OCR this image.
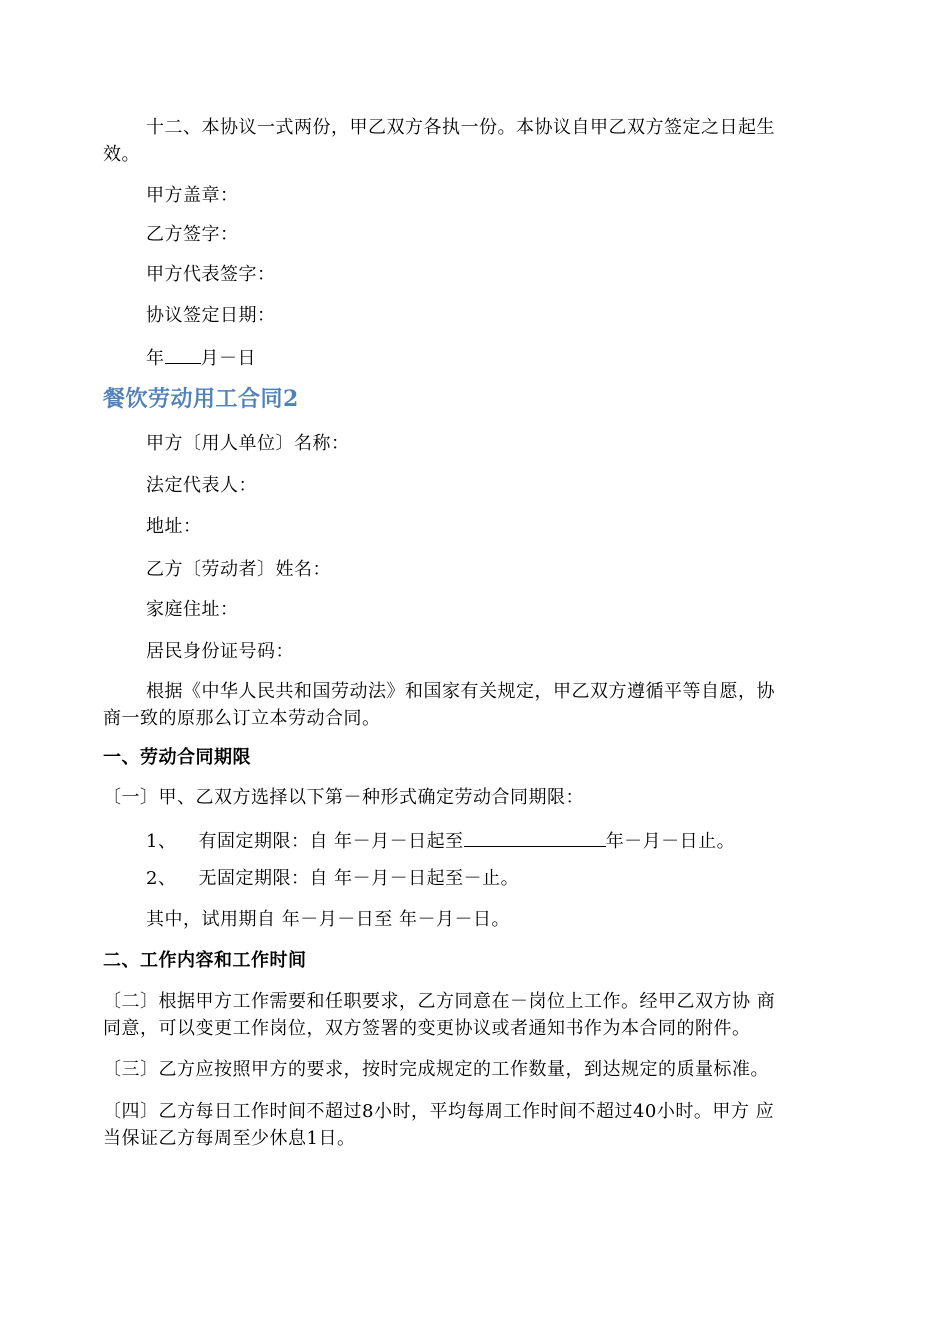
十二、本协议一式两份，甲乙双方各执一份。本协议自甲乙双方签定之日起生
效。
甲方盖章：
乙方签字：
甲方代表签字：
协议签定日期：
年 月－日
餐饮劳动用工合同2
甲方〔用人单位〕名称：
法定代表人：
地址：
乙方〔劳动者〕姓名：
家庭住址：
居民身份证号码：
根据《中华人民共和国劳动法》和国家有关规定，甲乙双方遵循平等自愿，协
商一致的原那么订立本劳动合同。
一、劳动合同期限
〔一〕甲、乙双方选择以下第－种形式确定劳动合同期限：
1、 有固定期限：自 年－月－日起至	年－月－日止。
2、 无固定期限：自 年－月－日起至－止。
其中，试用期自 年－月－日至 年－月－日。
二、工作内容和工作时间
〔二〕根据甲方工作需要和任职要求，乙方同意在－岗位上工作。经甲乙双方协 商
同意，可以变更工作岗位，双方签署的变更协议或者通知书作为本合同的附件。
〔三〕乙方应按照甲方的要求，按时完成规定的工作数量，到达规定的质量标准。
〔四〕乙方每日工作时间不超过8小时，平均每周工作时间不超过40小时。甲方 应
当保证乙方每周至少休息1日。
